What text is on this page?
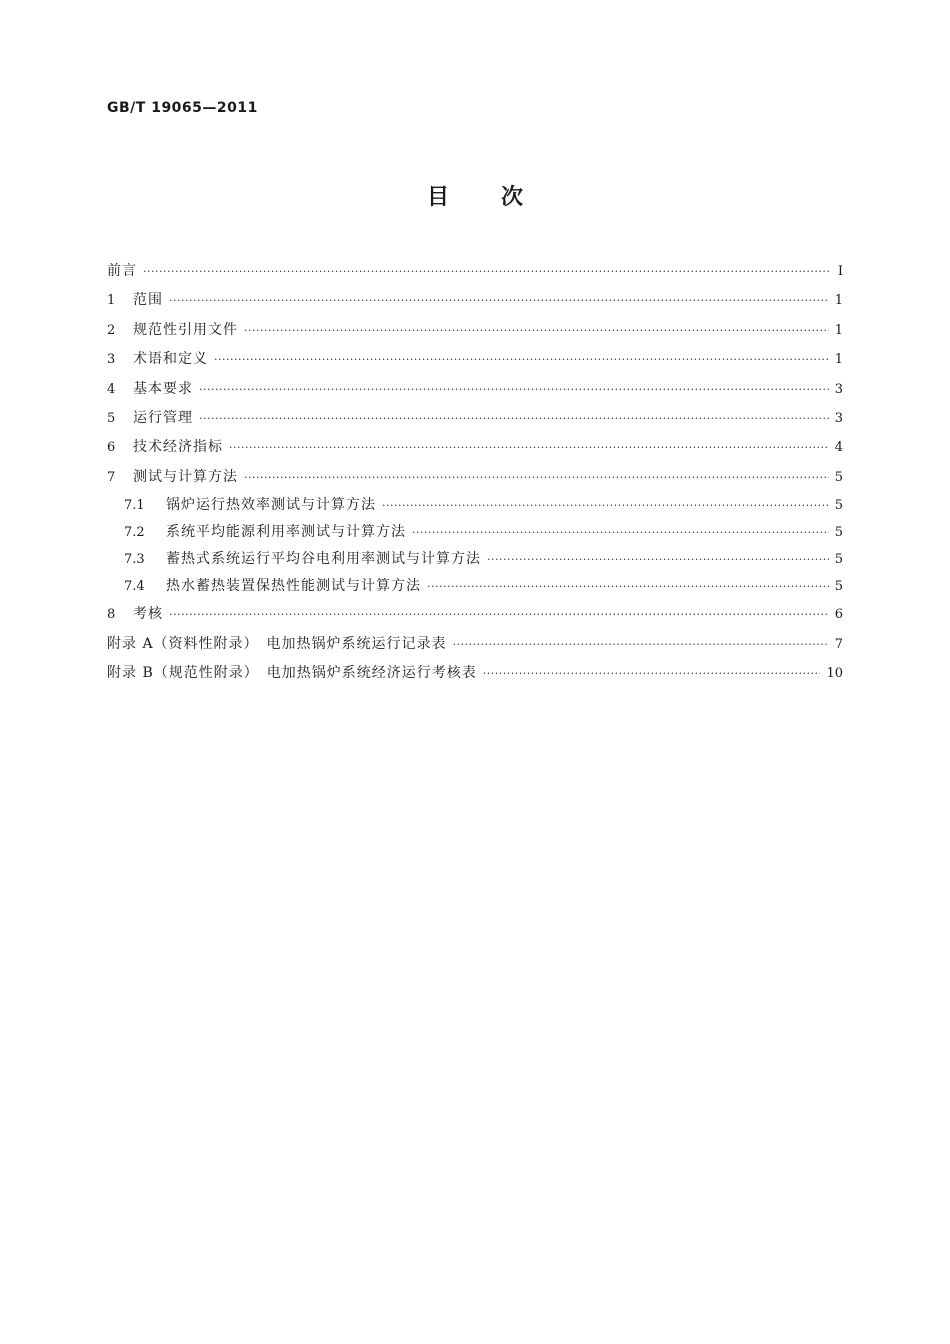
GB/T 19065—2011
目 次
前言 ·····	Ⅰ
1	范围 ·····	1
2	规范性引用文件 ·····	1
3	术语和定义 ·····	1
4	基本要求 ·····	3
5	运行管理 ·····	3
6	技术经济指标 ·····	4
7	测试与计算方法 ·····	5
7.1	锅炉运行热效率测试与计算方法 ·····	5
7.2	系统平均能源利用率测试与计算方法 ·····	5
7.3	蓄热式系统运行平均谷电利用率测试与计算方法 ·····	5
7.4	热水蓄热装置保热性能测试与计算方法 ·····	5
8	考核 ·····	6
附录 A（资料性附录）　电加热锅炉系统运行记录表 ·····	7
附录 B（规范性附录）　电加热锅炉系统经济运行考核表 ·····	10
